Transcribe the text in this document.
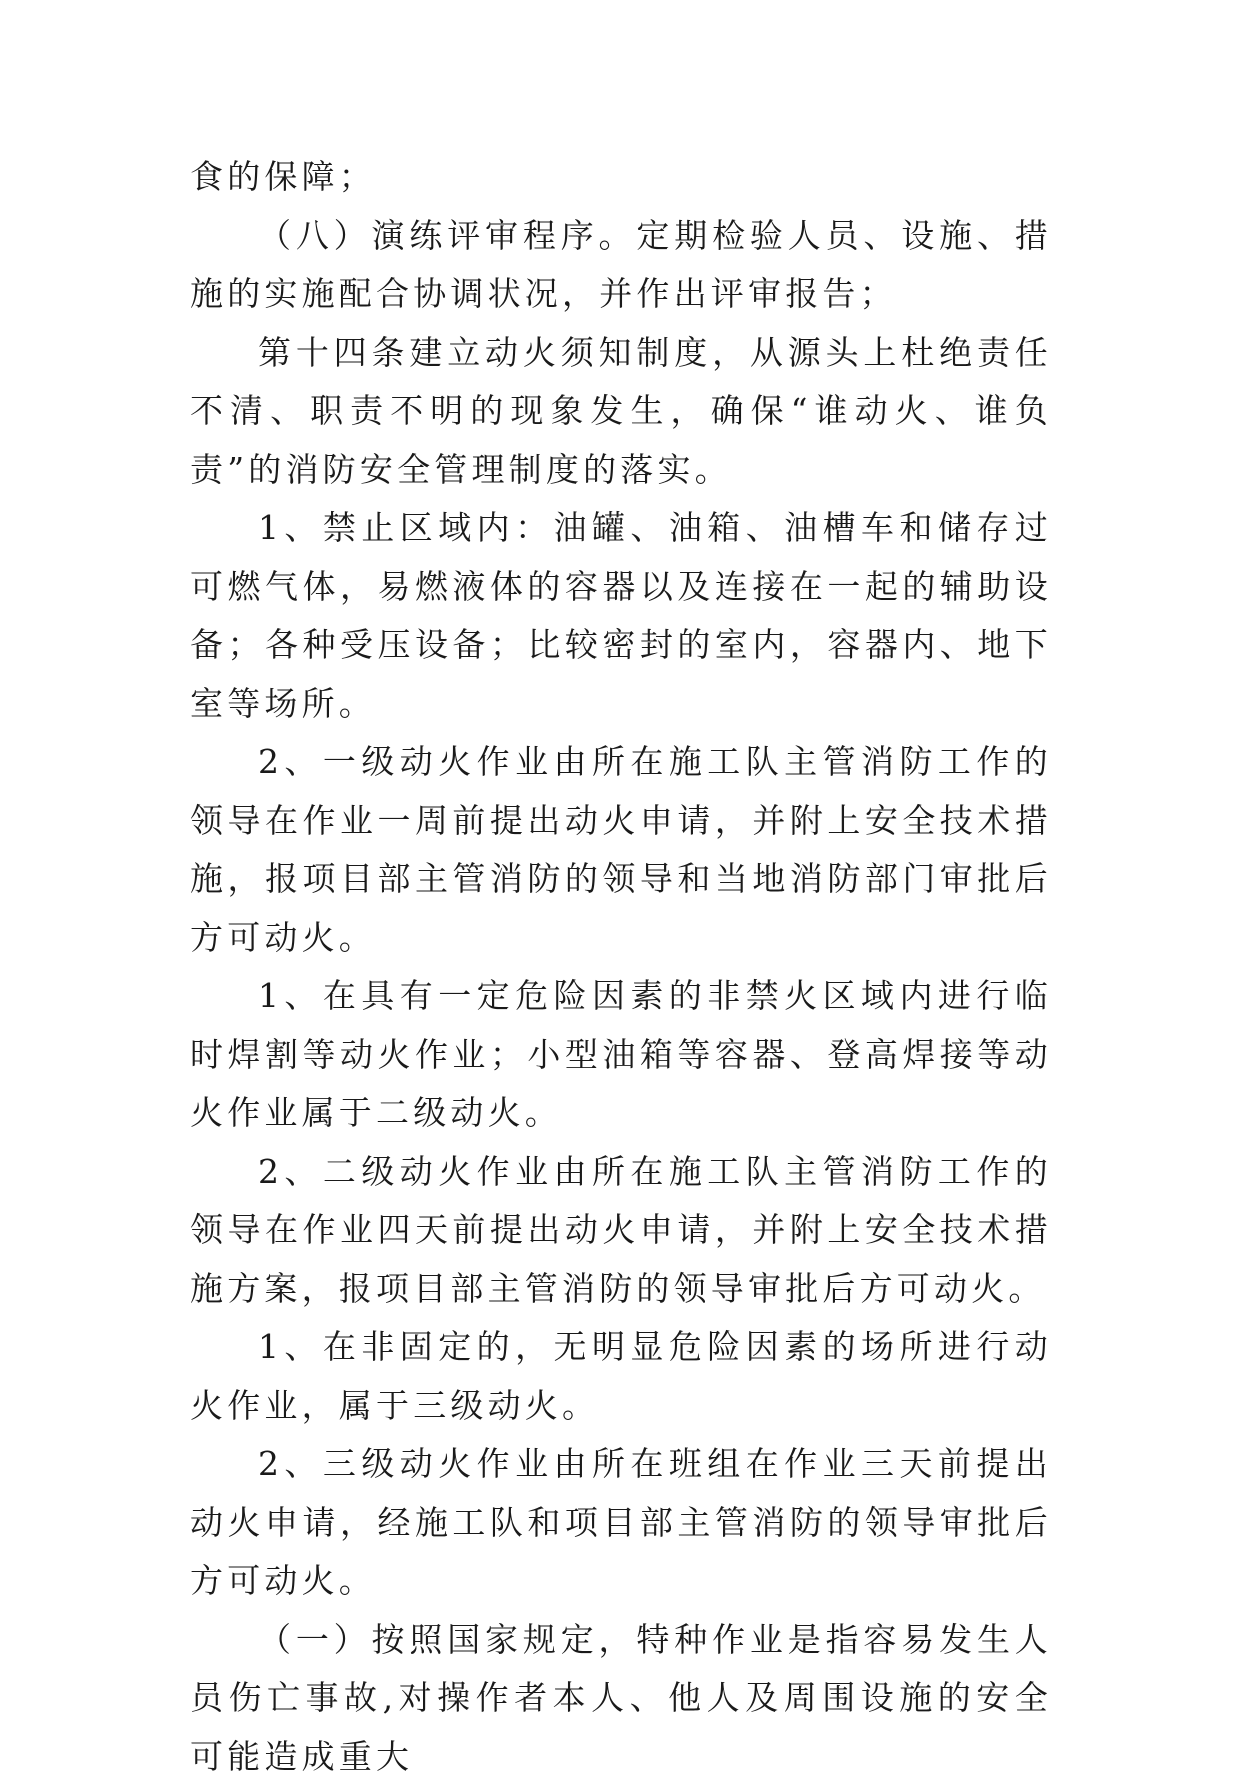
食的保障；

（八）演练评审程序。定期检验人员、设施、措施的实施配合协调状况，并作出评审报告；

第十四条建立动火须知制度，从源头上杜绝责任不清、职责不明的现象发生，确保“谁动火、谁负责”的消防安全管理制度的落实。

1、禁止区域内：油罐、油箱、油槽车和储存过可燃气体，易燃液体的容器以及连接在一起的辅助设备；各种受压设备；比较密封的室内，容器内、地下室等场所。

2、一级动火作业由所在施工队主管消防工作的领导在作业一周前提出动火申请，并附上安全技术措施，报项目部主管消防的领导和当地消防部门审批后方可动火。

1、在具有一定危险因素的非禁火区域内进行临时焊割等动火作业；小型油箱等容器、登高焊接等动火作业属于二级动火。

2、二级动火作业由所在施工队主管消防工作的领导在作业四天前提出动火申请，并附上安全技术措施方案，报项目部主管消防的领导审批后方可动火。

1、在非固定的，无明显危险因素的场所进行动火作业，属于三级动火。

2、三级动火作业由所在班组在作业三天前提出动火申请，经施工队和项目部主管消防的领导审批后方可动火。

（一）按照国家规定，特种作业是指容易发生人员伤亡事故,对操作者本人、他人及周围设施的安全可能造成重大
